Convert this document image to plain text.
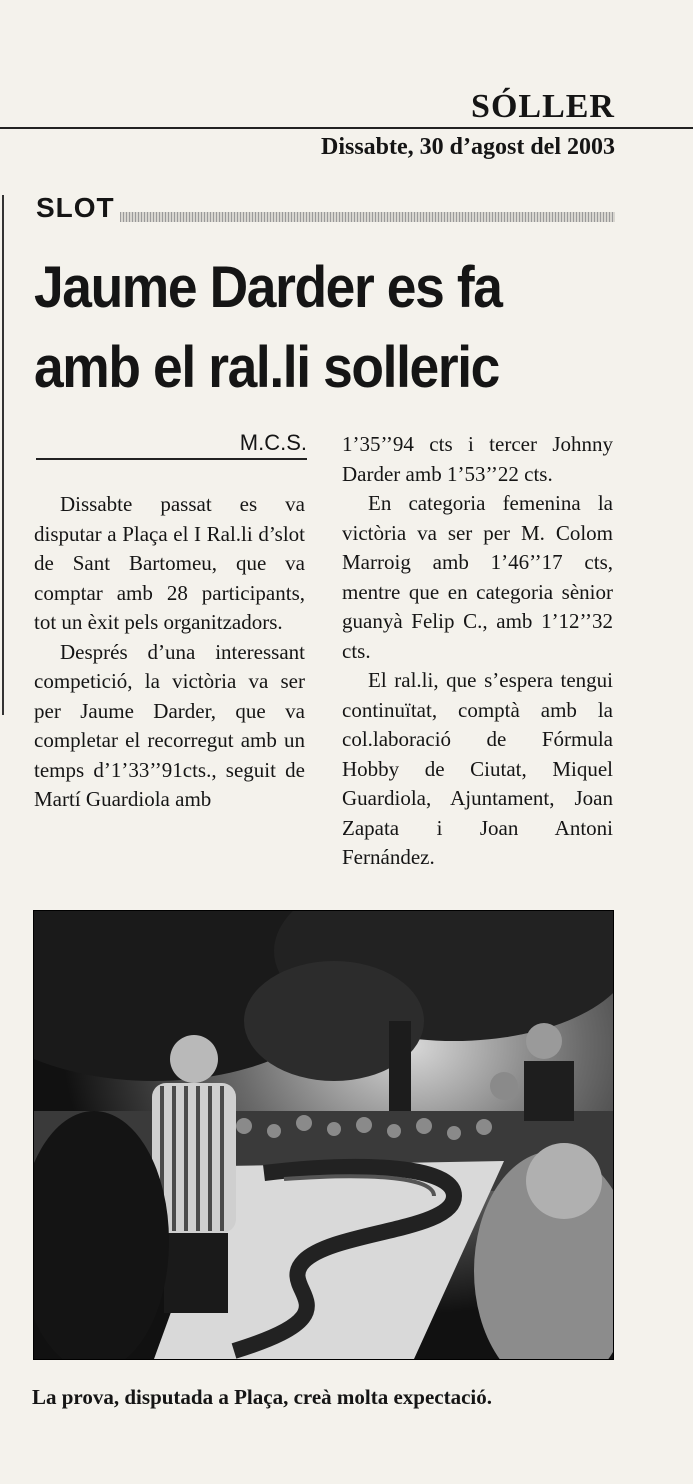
SÓLLER
Dissabte, 30 d’agost del 2003
SLOT
Jaume Darder es fa
amb el ral.li solleric
M.C.S.

Dissabte passat es va disputar a Plaça el I Ral.li d’slot de Sant Bartomeu, que va comptar amb 28 participants, tot un èxit pels organitzadors.

Després d’una interessant competició, la victòria va ser per Jaume Darder, que va completar el recorregut amb un temps d’1’33’’91cts., seguit de Martí Guardiola amb

1’35’’94 cts i tercer Johnny Darder amb 1’53’’22 cts.

En categoria femenina la victòria va ser per M. Colom Marroig amb 1’46’’17 cts, mentre que en categoria sènior guanyà Felip C., amb 1’12’’32 cts.

El ral.li, que s’espera tengui continuïtat, comptà amb la col.laboració de Fórmula Hobby de Ciutat, Miquel Guardiola, Ajuntament, Joan Zapata i Joan Antoni Fernández.

La prova, disputada a Plaça, creà molta expectació.
